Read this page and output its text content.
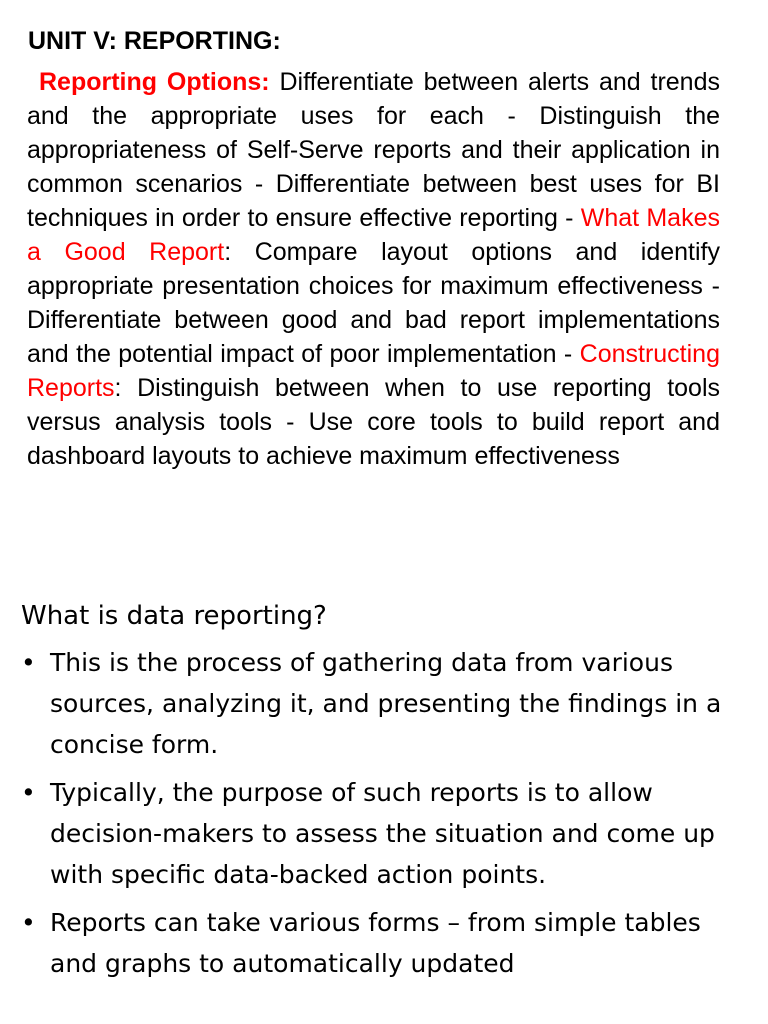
UNIT V: REPORTING:

Reporting Options: Differentiate between alerts and trends and the appropriate uses for each - Distinguish the appropriateness of Self-Serve reports and their application in common scenarios - Differentiate between best uses for BI techniques in order to ensure effective reporting - What Makes a Good Report: Compare layout options and identify appropriate presentation choices for maximum effectiveness - Differentiate between good and bad report implementations and the potential impact of poor implementation - Constructing Reports: Distinguish between when to use reporting tools versus analysis tools - Use core tools to build report and dashboard layouts to achieve maximum effectiveness

What is data reporting?
• This is the process of gathering data from various sources, analyzing it, and presenting the findings in a concise form.
• Typically, the purpose of such reports is to allow decision-makers to assess the situation and come up with specific data-backed action points.
• Reports can take various forms – from simple tables and graphs to automatically updated
